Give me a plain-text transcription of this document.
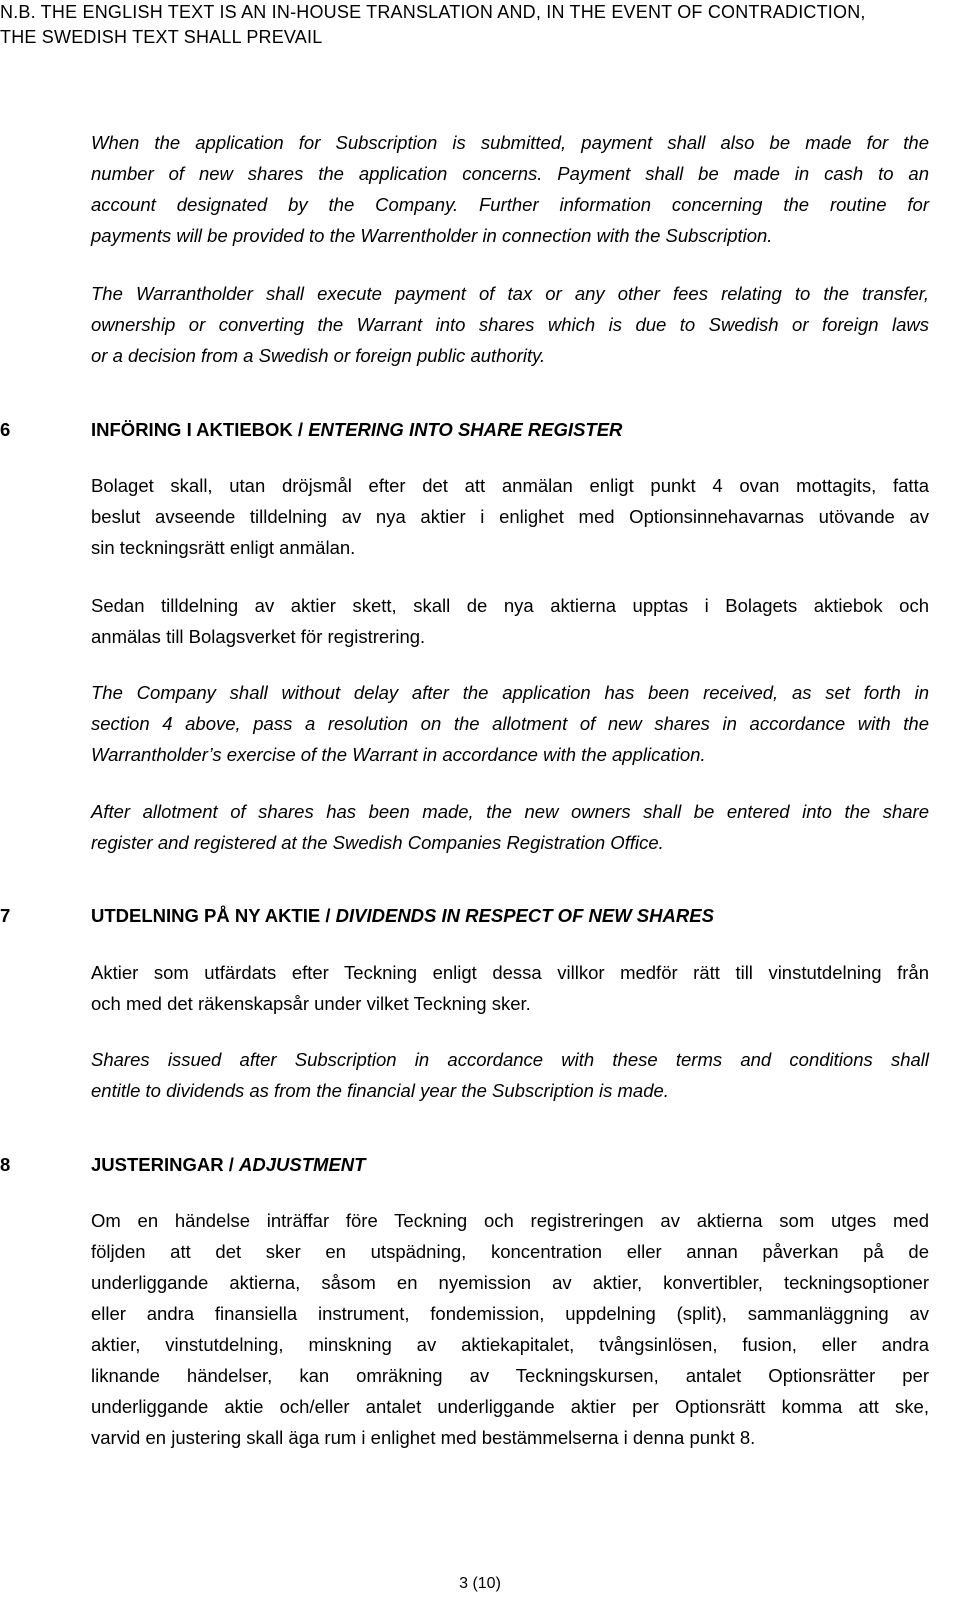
N.B. THE ENGLISH TEXT IS AN IN-HOUSE TRANSLATION AND, IN THE EVENT OF CONTRADICTION,
THE SWEDISH TEXT SHALL PREVAIL
When the application for Subscription is submitted, payment shall also be made for the
number of new shares the application concerns. Payment shall be made in cash to an
account designated by the Company. Further information concerning the routine for
payments will be provided to the Warrentholder in connection with the Subscription.
The Warrantholder shall execute payment of tax or any other fees relating to the transfer,
ownership or converting the Warrant into shares which is due to Swedish or foreign laws
or a decision from a Swedish or foreign public authority.
6	INFÖRING I AKTIEBOK / ENTERING INTO SHARE REGISTER
Bolaget skall, utan dröjsmål efter det att anmälan enligt punkt 4 ovan mottagits, fatta
beslut avseende tilldelning av nya aktier i enlighet med Optionsinnehavarnas utövande av
sin teckningsrätt enligt anmälan.
Sedan tilldelning av aktier skett, skall de nya aktierna upptas i Bolagets aktiebok och
anmälas till Bolagsverket för registrering.
The Company shall without delay after the application has been received, as set forth in
section 4 above, pass a resolution on the allotment of new shares in accordance with the
Warrantholder’s exercise of the Warrant in accordance with the application.
After allotment of shares has been made, the new owners shall be entered into the share
register and registered at the Swedish Companies Registration Office.
7	UTDELNING PÅ NY AKTIE / DIVIDENDS IN RESPECT OF NEW SHARES
Aktier som utfärdats efter Teckning enligt dessa villkor medför rätt till vinstutdelning från
och med det räkenskapsår under vilket Teckning sker.
Shares issued after Subscription in accordance with these terms and conditions shall
entitle to dividends as from the financial year the Subscription is made.
8	JUSTERINGAR / ADJUSTMENT
Om en händelse inträffar före Teckning och registreringen av aktierna som utges med
följden att det sker en utspädning, koncentration eller annan påverkan på de
underliggande aktierna, såsom en nyemission av aktier, konvertibler, teckningsoptioner
eller andra finansiella instrument, fondemission, uppdelning (split), sammanläggning av
aktier, vinstutdelning, minskning av aktiekapitalet, tvångsinlösen, fusion, eller andra
liknande händelser, kan omräkning av Teckningskursen, antalet Optionsrätter per
underliggande aktie och/eller antalet underliggande aktier per Optionsrätt komma att ske,
varvid en justering skall äga rum i enlighet med bestämmelserna i denna punkt 8.
3 (10)
